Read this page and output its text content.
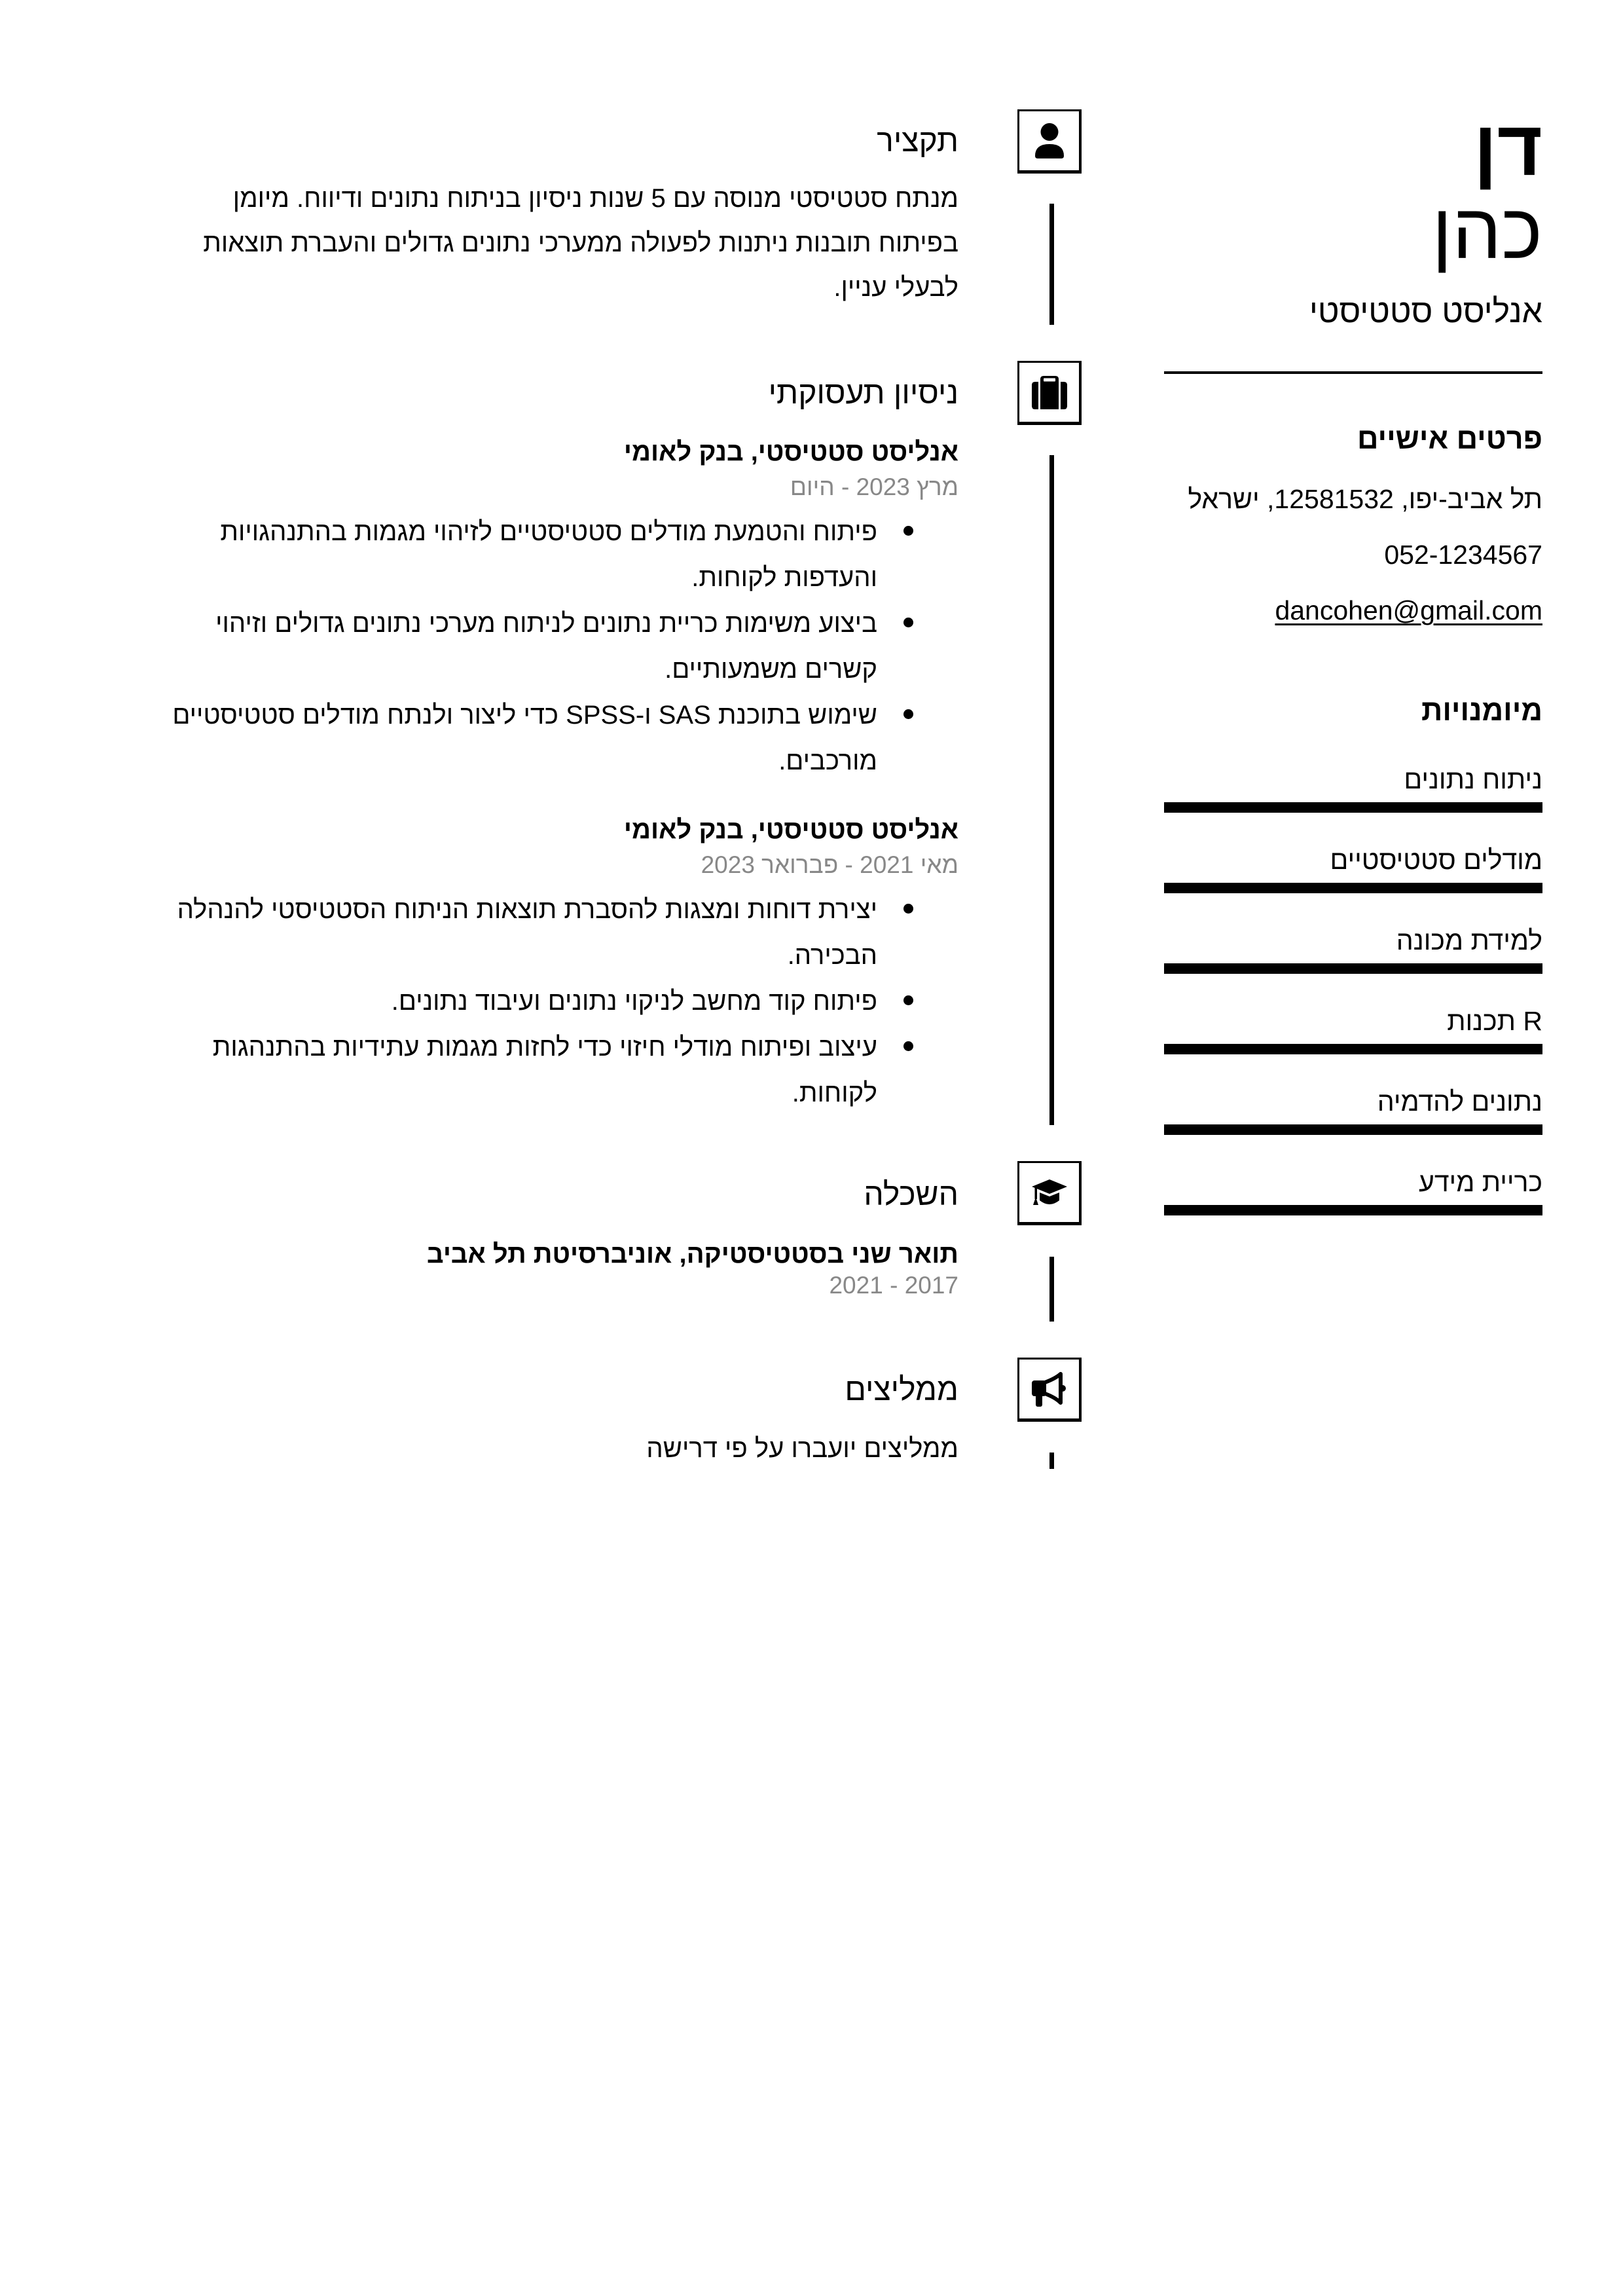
דן
כהן
אנליסט סטטיסטי
פרטים אישיים
תל אביב-יפו, 12581532, ישראל
052-1234567
dancohen@gmail.com
מיומנויות
ניתוח נתונים
מודלים סטטיסטיים
למידת מכונה
R תכנות
נתונים להדמיה
כריית מידע
תקציר
מנתח סטטיסטי מנוסה עם 5 שנות ניסיון בניתוח נתונים ודיווח. מיומן בפיתוח תובנות ניתנות לפעולה ממערכי נתונים גדולים והעברת תוצאות לבעלי עניין.
ניסיון תעסוקתי
אנליסט סטטיסטי, בנק לאומי
מרץ 2023 - היום
פיתוח והטמעת מודלים סטטיסטיים לזיהוי מגמות בהתנהגויות והעדפות לקוחות.
ביצוע משימות כריית נתונים לניתוח מערכי נתונים גדולים וזיהוי קשרים משמעותיים.
שימוש בתוכנת SAS ו-SPSS כדי ליצור ולנתח מודלים סטטיסטיים מורכבים.
אנליסט סטטיסטי, בנק לאומי
מאי 2021 - פברואר 2023
יצירת דוחות ומצגות להסברת תוצאות הניתוח הסטטיסטי להנהלה הבכירה.
פיתוח קוד מחשב לניקוי נתונים ועיבוד נתונים.
עיצוב ופיתוח מודלי חיזוי כדי לחזות מגמות עתידיות בהתנהגות לקוחות.
השכלה
תואר שני בסטטיסטיקה, אוניברסיטת תל אביב
2017 - 2021
ממליצים
ממליצים יועברו על פי דרישה
